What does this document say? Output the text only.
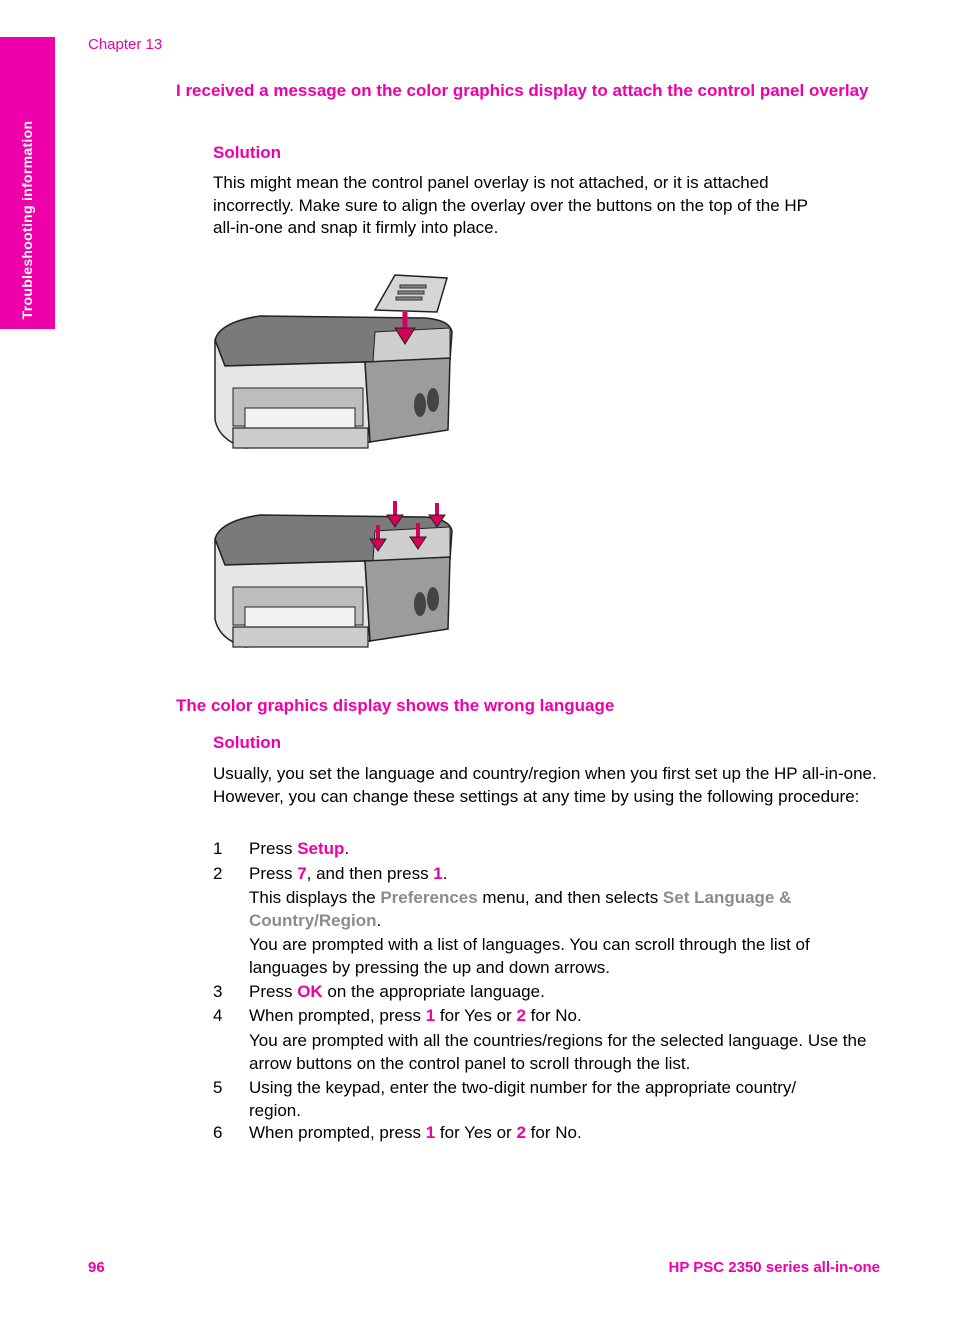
Troubleshooting information
Chapter 13
I received a message on the color graphics display to attach the control panel overlay
Solution
This might mean the control panel overlay is not attached, or it is attached incorrectly. Make sure to align the overlay over the buttons on the top of the HP all-in-one and snap it firmly into place.
The color graphics display shows the wrong language
Solution
Usually, you set the language and country/region when you first set up the HP all-in-one. However, you can change these settings at any time by using the following procedure:
1 Press Setup.
2 Press 7, and then press 1.
This displays the Preferences menu, and then selects Set Language & Country/Region.
You are prompted with a list of languages. You can scroll through the list of languages by pressing the up and down arrows.
3 Press OK on the appropriate language.
4 When prompted, press 1 for Yes or 2 for No.
You are prompted with all the countries/regions for the selected language. Use the arrow buttons on the control panel to scroll through the list.
5 Using the keypad, enter the two-digit number for the appropriate country/
region.
6 When prompted, press 1 for Yes or 2 for No.
96	HP PSC 2350 series all-in-one
